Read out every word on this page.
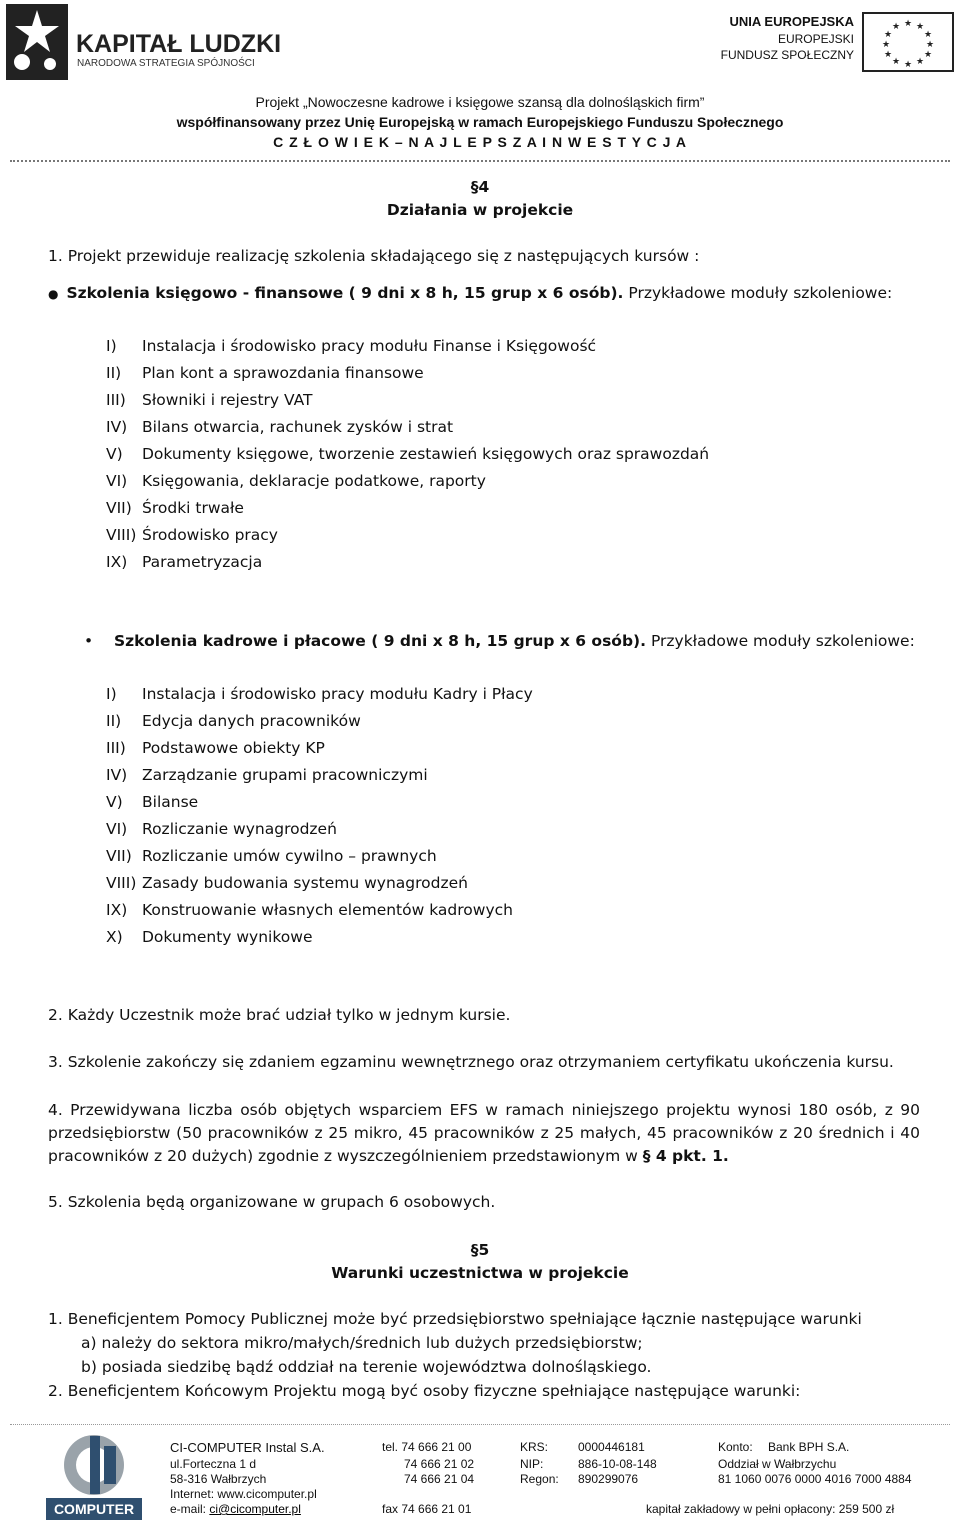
KAPITAŁ LUDZKI
NARODOWA STRATEGIA SPÓJNOŚCI
UNIA EUROPEJSKA
EUROPEJSKI
FUNDUSZ SPOŁECZNY
★ ★
★
★
★
★
★
★
★
★
★
★
Projekt „Nowoczesne kadrowe i księgowe szansą dla dolnośląskich firm”
współfinansowany przez Unię Europejską w ramach Europejskiego Funduszu Społecznego
C Z Ł O W I E K – N A J L E P S Z A I N W E S T Y C J A
§4
Działania w projekcie
1. Projekt przewiduje realizację szkolenia składającego się z następujących kursów :
● Szkolenia księgowo - finansowe ( 9 dni x 8 h, 15 grup x 6 osób). Przykładowe moduły szkoleniowe:
I) Instalacja i środowisko pracy modułu Finanse i Księgowość
II) Plan kont a sprawozdania finansowe
III) Słowniki i rejestry VAT
IV) Bilans otwarcia, rachunek zysków i strat
V) Dokumenty księgowe, tworzenie zestawień księgowych oraz sprawozdań
VI) Księgowania, deklaracje podatkowe, raporty
VII) Środki trwałe
VIII) Środowisko pracy
IX) Parametryzacja
• Szkolenia kadrowe i płacowe ( 9 dni x 8 h, 15 grup x 6 osób). Przykładowe moduły szkoleniowe:
I) Instalacja i środowisko pracy modułu Kadry i Płacy
II) Edycja danych pracowników
III) Podstawowe obiekty KP
IV) Zarządzanie grupami pracowniczymi
V) Bilanse
VI) Rozliczanie wynagrodzeń
VII) Rozliczanie umów cywilno – prawnych
VIII) Zasady budowania systemu wynagrodzeń
IX) Konstruowanie własnych elementów kadrowych
X) Dokumenty wynikowe
2. Każdy Uczestnik może brać udział tylko w jednym kursie.
3. Szkolenie zakończy się zdaniem egzaminu wewnętrznego oraz otrzymaniem certyfikatu ukończenia kursu.
4. Przewidywana liczba osób objętych wsparciem EFS w ramach niniejszego projektu wynosi 180 osób, z 90 przedsiębiorstw (50 pracowników z 25 mikro, 45 pracowników z 25 małych, 45 pracowników z 20 średnich i 40 pracowników z 20 dużych) zgodnie z wyszczególnieniem przedstawionym w § 4 pkt. 1.
5. Szkolenia będą organizowane w grupach 6 osobowych.
§5
Warunki uczestnictwa w projekcie
1. Beneficjentem Pomocy Publicznej może być przedsiębiorstwo spełniające łącznie następujące warunki
a) należy do sektora mikro/małych/średnich lub dużych przedsiębiorstw;
b) posiada siedzibę bądź oddział na terenie województwa dolnośląskiego.
2. Beneficjentem Końcowym Projektu mogą być osoby fizyczne spełniające następujące warunki:
COMPUTER
CI-COMPUTER Instal S.A.
ul.Forteczna 1 d
58-316 Wałbrzych
Internet: www.cicomputer.pl
e-mail: ci@cicomputer.pl
tel. 74 666 21 00
74 666 21 02
74 666 21 04
fax 74 666 21 01
KRS: 0000446181
NIP:	886-10-08-148
Regon: 890299076
Konto: Bank BPH S.A.
Oddział w Wałbrzychu
81 1060 0076 0000 4016 7000 4884
kapitał zakładowy w pełni opłacony: 259 500 zł
